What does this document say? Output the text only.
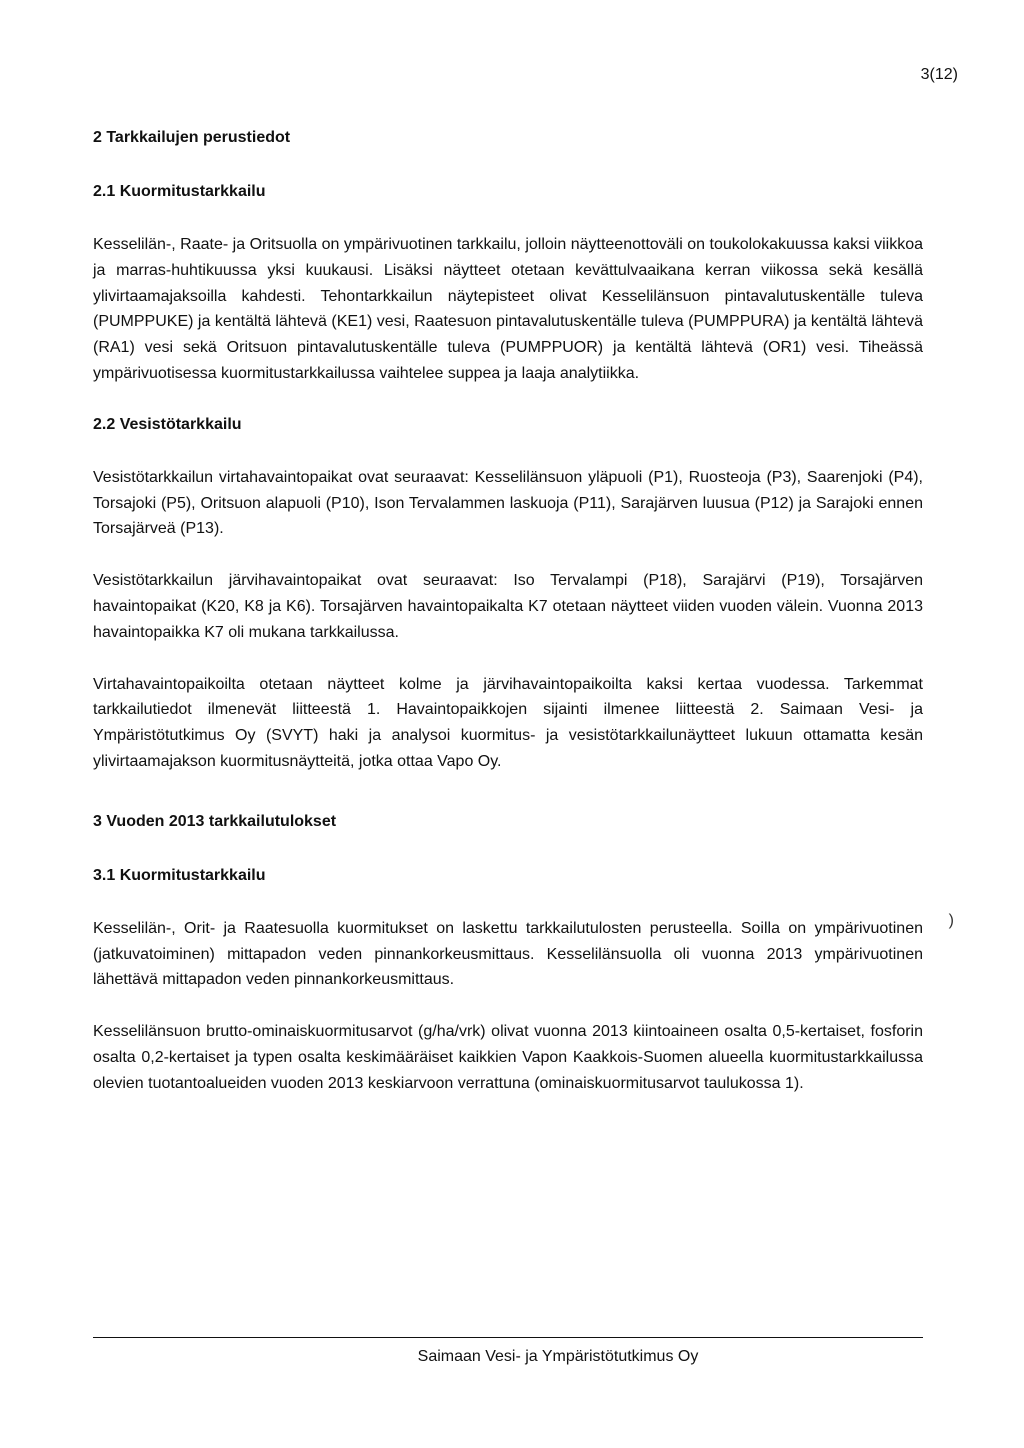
3(12)
2 Tarkkailujen perustiedot
2.1 Kuormitustarkkailu

Kesselilän-, Raate- ja Oritsuolla on ympärivuotinen tarkkailu, jolloin näytteenottoväli on toukolokakuussa kaksi viikkoa ja marras-huhtikuussa yksi kuukausi. Lisäksi näytteet otetaan kevättulvaaikana kerran viikossa sekä kesällä ylivirtaamajaksoilla kahdesti. Tehontarkkailun näytepisteet olivat Kesselilänsuon pintavalutuskentälle tuleva (PUMPPUKE) ja kentältä lähtevä (KE1) vesi, Raatesuon pintavalutuskentälle tuleva (PUMPPURA) ja kentältä lähtevä (RA1) vesi sekä Oritsuon pintavalutuskentälle tuleva (PUMPPUOR) ja kentältä lähtevä (OR1) vesi. Tiheässä ympärivuotisessa kuormitustarkkailussa vaihtelee suppea ja laaja analytiikka.

2.2 Vesistötarkkailu

Vesistötarkkailun virtahavaintopaikat ovat seuraavat: Kesselilänsuon yläpuoli (P1), Ruosteoja (P3), Saarenjoki (P4), Torsajoki (P5), Oritsuon alapuoli (P10), Ison Tervalammen laskuoja (P11), Sarajärven luusua (P12) ja Sarajoki ennen Torsajärveä (P13).

Vesistötarkkailun järvihavaintopaikat ovat seuraavat: Iso Tervalampi (P18), Sarajärvi (P19), Torsajärven havaintopaikat (K20, K8 ja K6). Torsajärven havaintopaikalta K7 otetaan näytteet viiden vuoden välein. Vuonna 2013 havaintopaikka K7 oli mukana tarkkailussa.

Virtahavaintopaikoilta otetaan näytteet kolme ja järvihavaintopaikoilta kaksi kertaa vuodessa. Tarkemmat tarkkailutiedot ilmenevät liitteestä 1. Havaintopaikkojen sijainti ilmenee liitteestä 2. Saimaan Vesi- ja Ympäristötutkimus Oy (SVYT) haki ja analysoi kuormitus- ja vesistötarkkailunäytteet lukuun ottamatta kesän ylivirtaamajakson kuormitusnäytteitä, jotka ottaa Vapo Oy.

3 Vuoden 2013 tarkkailutulokset
3.1 Kuormitustarkkailu

Kesselilän-, Orit- ja Raatesuolla kuormitukset on laskettu tarkkailutulosten perusteella. Soilla on ympärivuotinen (jatkuvatoiminen) mittapadon veden pinnankorkeusmittaus. Kesselilänsuolla oli vuonna 2013 ympärivuotinen lähettävä mittapadon veden pinnankorkeusmittaus.

Kesselilänsuon brutto-ominaiskuormitusarvot (g/ha/vrk) olivat vuonna 2013 kiintoaineen osalta 0,5-kertaiset, fosforin osalta 0,2-kertaiset ja typen osalta keskimääräiset kaikkien Vapon Kaakkois-Suomen alueella kuormitustarkkailussa olevien tuotantoalueiden vuoden 2013 keskiarvoon verrattuna (ominaiskuormitusarvot taulukossa 1).

)
Saimaan Vesi- ja Ympäristötutkimus Oy
